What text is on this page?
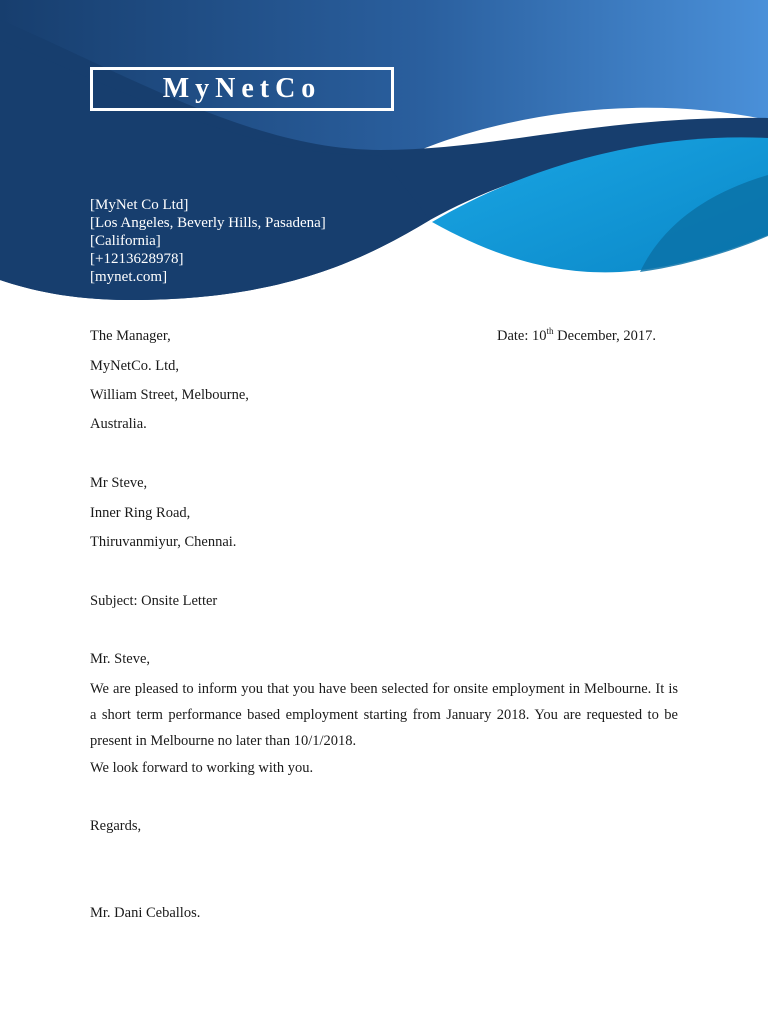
MyNetCo
[MyNet Co Ltd]
[Los Angeles, Beverly Hills, Pasadena]
[California]
[+1213628978]
[mynet.com]
Date: 10th December, 2017.
The Manager,
MyNetCo. Ltd,
William Street, Melbourne,
Australia.
Mr Steve,
Inner Ring Road,
Thiruvanmiyur, Chennai.
Subject: Onsite Letter
Mr. Steve,
We are pleased to inform you that you have been selected for onsite employment in Melbourne. It is a short term performance based employment starting from January 2018. You are requested to be present in Melbourne no later than 10/1/2018.
We look forward to working with you.
Regards,
Mr. Dani Ceballos.
